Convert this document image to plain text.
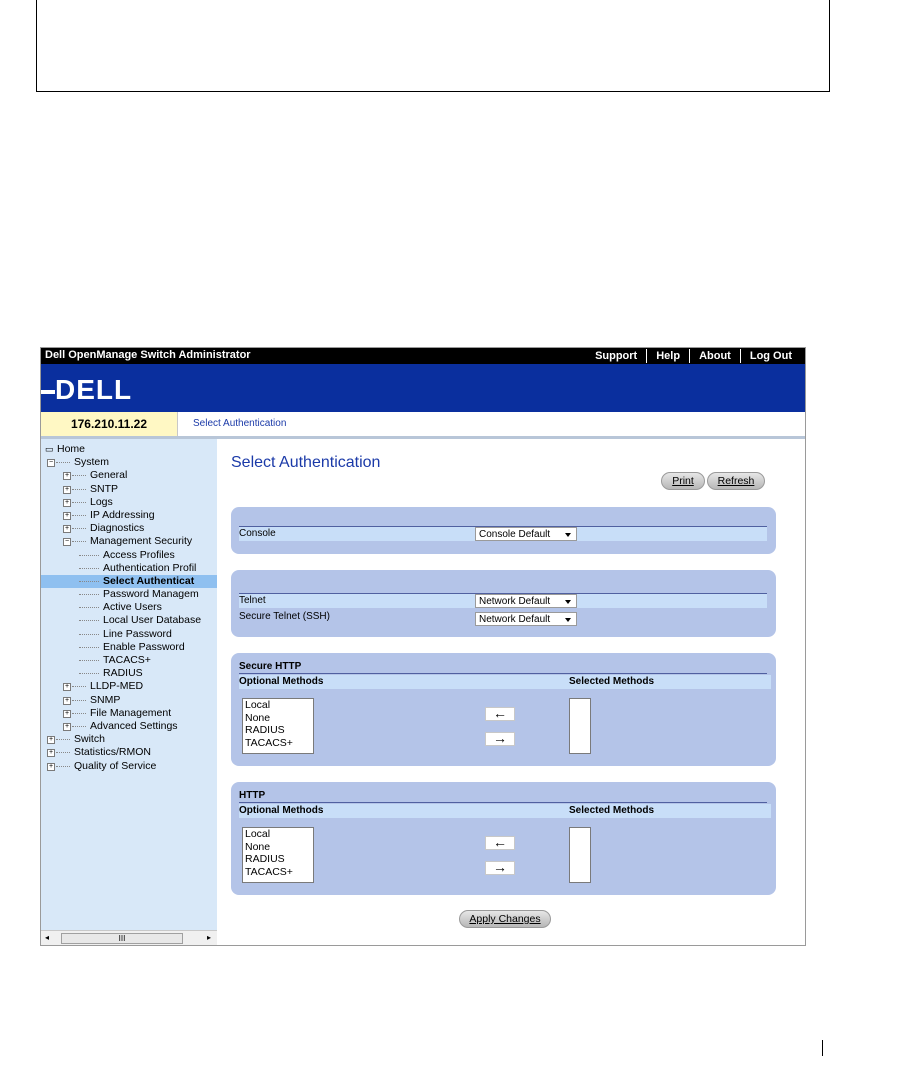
Dell OpenManage Switch Administrator	Support	Help	About	Log Out
DELL
176.210.11.22	Select Authentication
▭ Home
− System
+ General
+ SNTP
+ Logs
+ IP Addressing
+ Diagnostics
− Management Security
Access Profiles
Authentication Profil
Select Authenticat
Password Managem
Active Users
Local User Database
Line Password
Enable Password
TACACS+
RADIUS
+ LLDP-MED
+ SNMP
+ File Management
+ Advanced Settings
+ Switch
+ Statistics/RMON
+ Quality of Service
◂	III	▸
Select Authentication
Print	Refresh
Console	Console Default
Telnet	Network Default
Secure Telnet (SSH)	Network Default
Secure HTTP
Optional Methods	Selected Methods
Local
None
RADIUS
TACACS+
←
→
HTTP
Optional Methods	Selected Methods
Local
None
RADIUS
TACACS+
←
→
Apply Changes
